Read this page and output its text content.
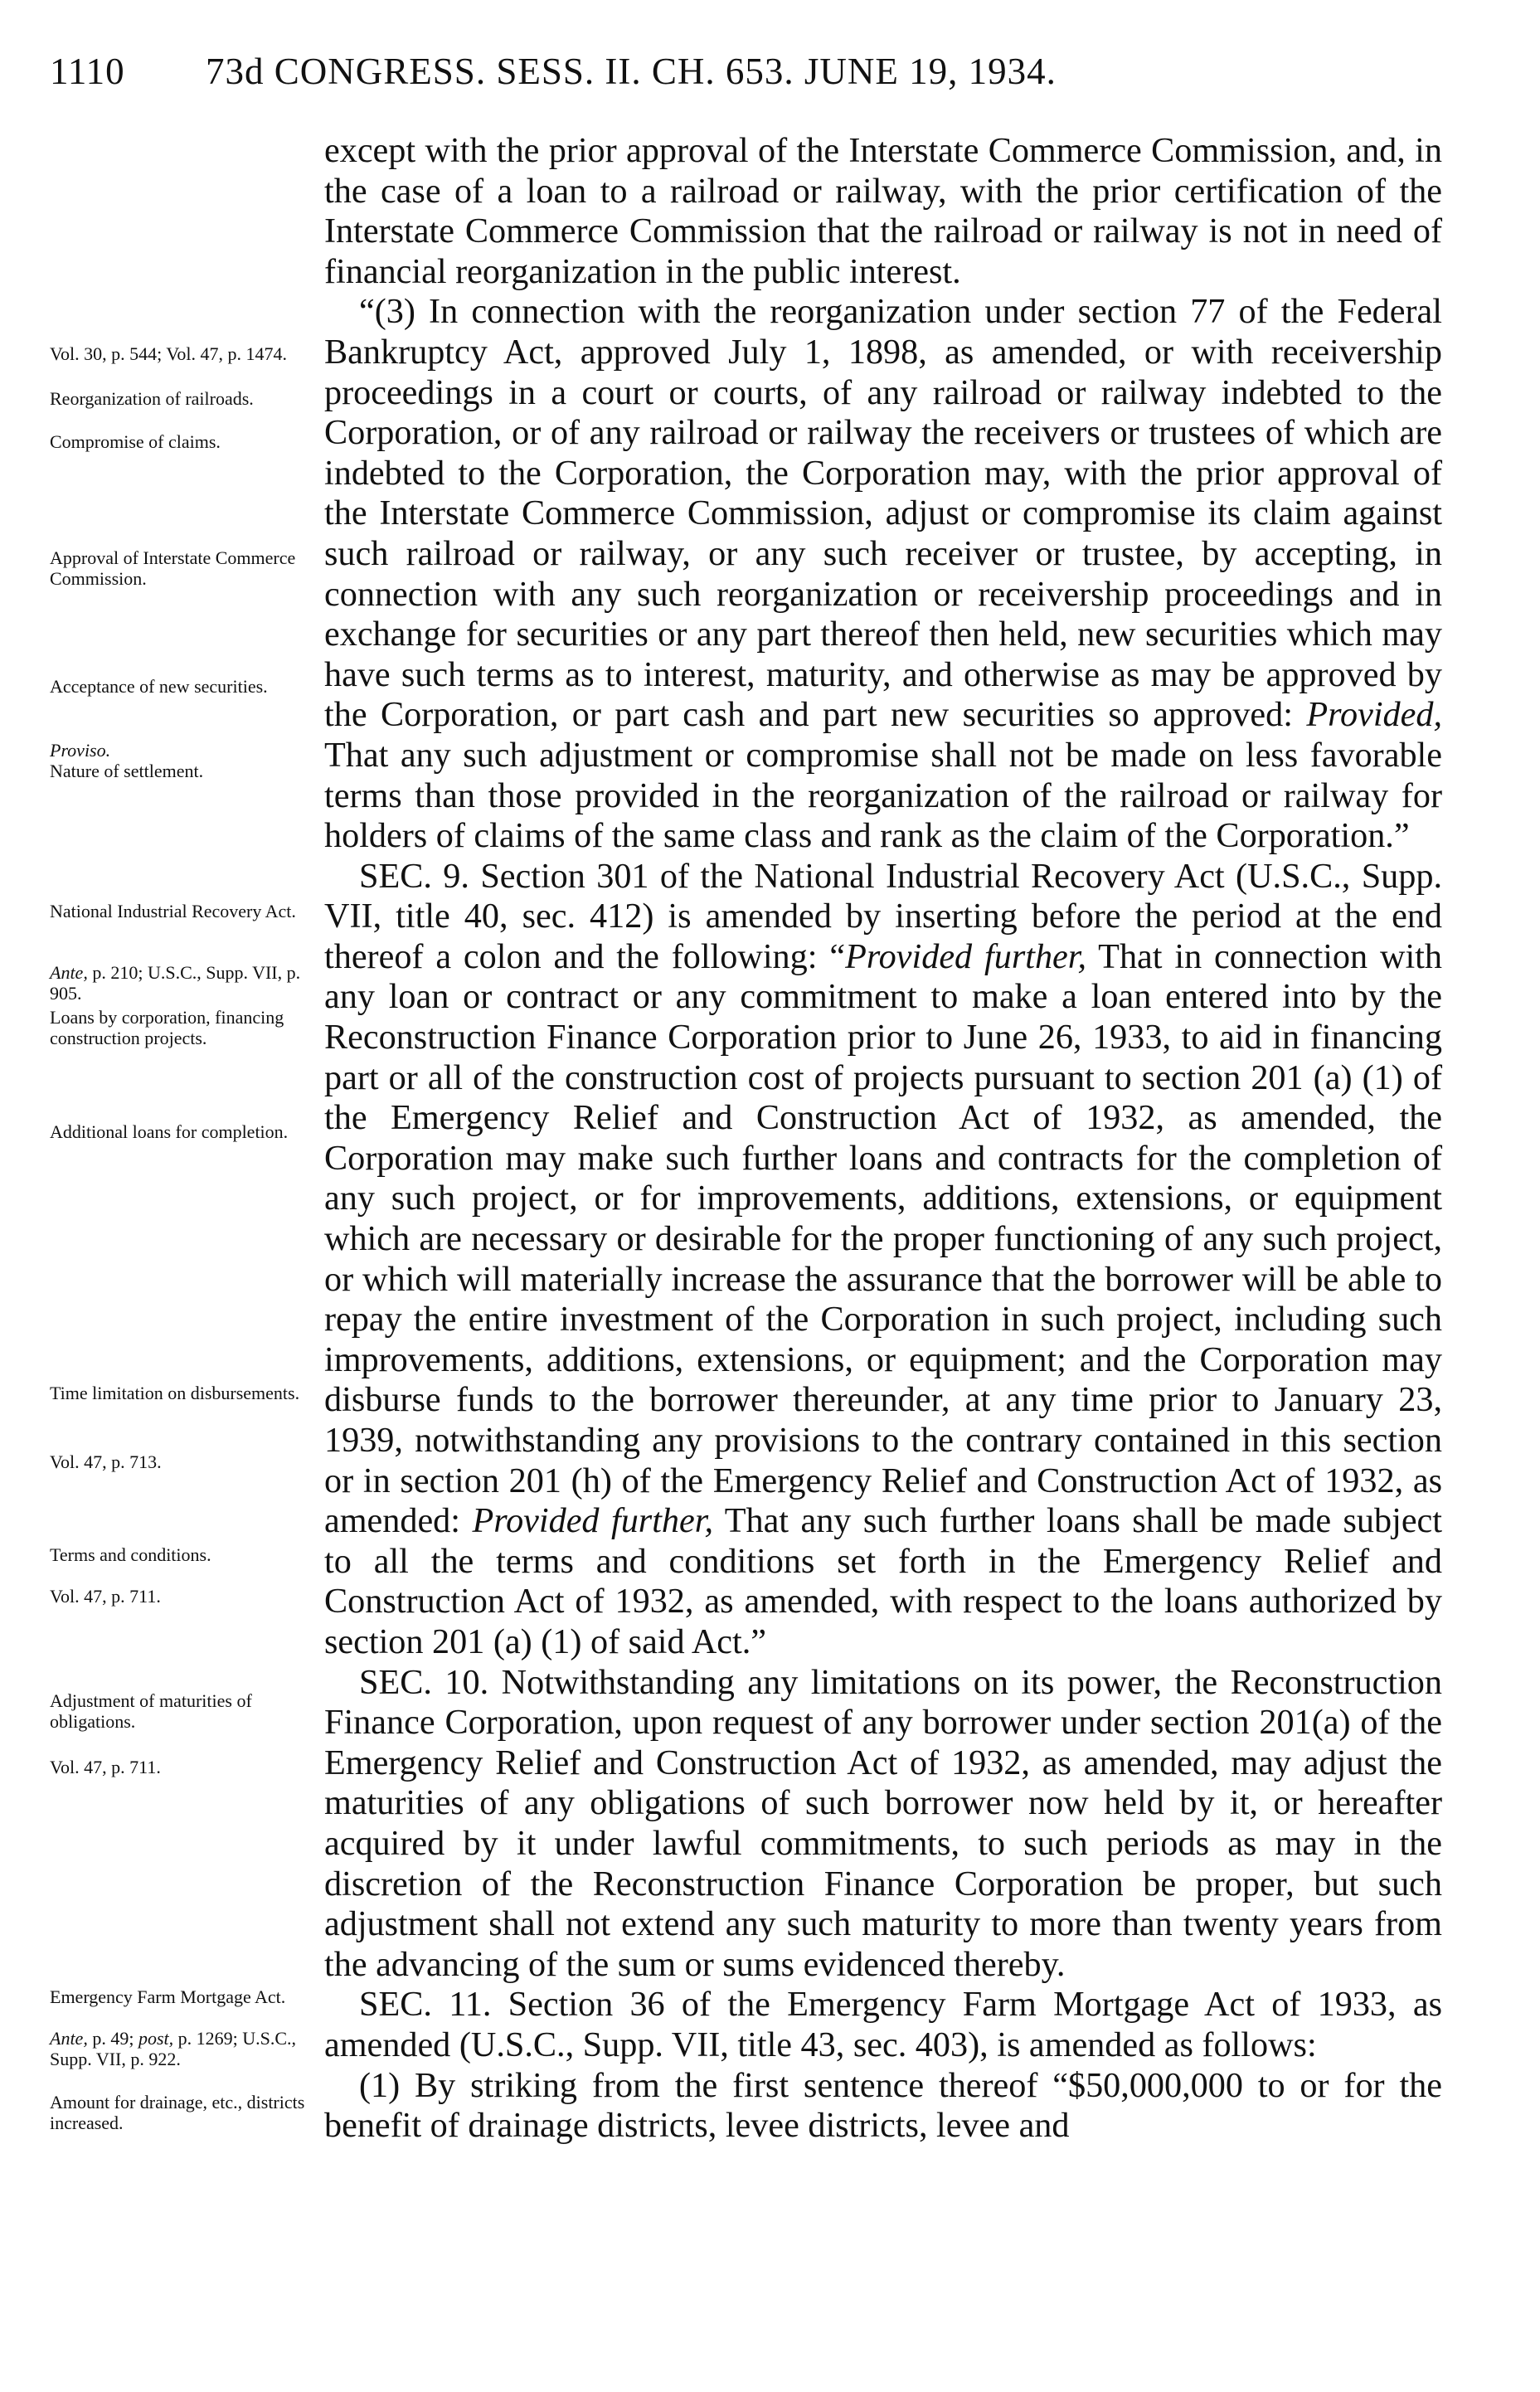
1110 73d CONGRESS. SESS. II. CH. 653. JUNE 19, 1934.
Vol. 30, p. 544; Vol. 47, p. 1474.
Reorganization of railroads.
Compromise of claims.
Approval of Interstate Commerce Commission.
Acceptance of new securities.
Proviso.
Nature of settlement.
National Industrial Recovery Act.
Ante, p. 210; U.S.C., Supp. VII, p. 905.
Loans by corporation, financing construction projects.
Additional loans for completion.
Time limitation on disbursements.
Vol. 47, p. 713.
Terms and conditions.
Vol. 47, p. 711.
Adjustment of maturities of obligations.
Vol. 47, p. 711.
Emergency Farm Mortgage Act.
Ante, p. 49; post, p. 1269; U.S.C., Supp. VII, p. 922.
Amount for drainage, etc., districts increased.

except with the prior approval of the Interstate Commerce Commission, and, in the case of a loan to a railroad or railway, with the prior certification of the Interstate Commerce Commission that the railroad or railway is not in need of financial reorganization in the public interest.

“(3) In connection with the reorganization under section 77 of the Federal Bankruptcy Act, approved July 1, 1898, as amended, or with receivership proceedings in a court or courts, of any railroad or railway indebted to the Corporation, or of any railroad or railway the receivers or trustees of which are indebted to the Corporation, the Corporation may, with the prior approval of the Interstate Commerce Commission, adjust or compromise its claim against such railroad or railway, or any such receiver or trustee, by accepting, in connection with any such reorganization or receivership proceedings and in exchange for securities or any part thereof then held, new securities which may have such terms as to interest, maturity, and otherwise as may be approved by the Corporation, or part cash and part new securities so approved: Provided, That any such adjustment or compromise shall not be made on less favorable terms than those provided in the reorganization of the railroad or railway for holders of claims of the same class and rank as the claim of the Corporation.”

SEC. 9. Section 301 of the National Industrial Recovery Act (U.S.C., Supp. VII, title 40, sec. 412) is amended by inserting before the period at the end thereof a colon and the following: “Provided further, That in connection with any loan or contract or any commitment to make a loan entered into by the Reconstruction Finance Corporation prior to June 26, 1933, to aid in financing part or all of the construction cost of projects pursuant to section 201 (a) (1) of the Emergency Relief and Construction Act of 1932, as amended, the Corporation may make such further loans and contracts for the completion of any such project, or for improvements, additions, extensions, or equipment which are necessary or desirable for the proper functioning of any such project, or which will materially increase the assurance that the borrower will be able to repay the entire investment of the Corporation in such project, including such improvements, additions, extensions, or equipment; and the Corporation may disburse funds to the borrower thereunder, at any time prior to January 23, 1939, notwithstanding any provisions to the contrary contained in this section or in section 201 (h) of the Emergency Relief and Construction Act of 1932, as amended: Provided further, That any such further loans shall be made subject to all the terms and conditions set forth in the Emergency Relief and Construction Act of 1932, as amended, with respect to the loans authorized by section 201 (a) (1) of said Act.”

SEC. 10. Notwithstanding any limitations on its power, the Reconstruction Finance Corporation, upon request of any borrower under section 201(a) of the Emergency Relief and Construction Act of 1932, as amended, may adjust the maturities of any obligations of such borrower now held by it, or hereafter acquired by it under lawful commitments, to such periods as may in the discretion of the Reconstruction Finance Corporation be proper, but such adjustment shall not extend any such maturity to more than twenty years from the advancing of the sum or sums evidenced thereby.

SEC. 11. Section 36 of the Emergency Farm Mortgage Act of 1933, as amended (U.S.C., Supp. VII, title 43, sec. 403), is amended as follows:

(1) By striking from the first sentence thereof “$50,000,000 to or for the benefit of drainage districts, levee districts, levee and
